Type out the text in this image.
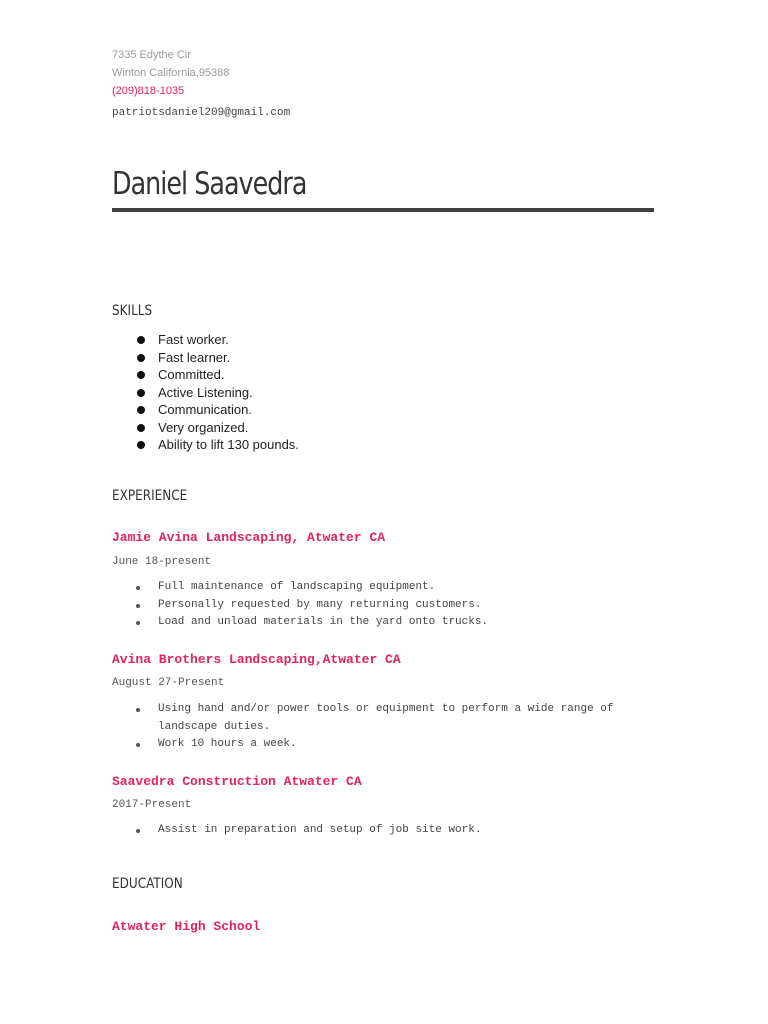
7335 Edythe Cir
Winton California,95388
(209)818-1035
patriotsdaniel209@gmail.com
Daniel Saavedra
SKILLS
Fast worker.
Fast learner.
Committed.
Active Listening.
Communication.
Very organized.
Ability to lift 130 pounds.
EXPERIENCE
Jamie Avina Landscaping, Atwater CA
June 18-present
Full maintenance of landscaping equipment.
Personally requested by many returning customers.
Load and unload materials in the yard onto trucks.
Avina Brothers Landscaping,Atwater CA
August 27-Present
Using hand and/or power tools or equipment to perform a wide range of landscape duties.
Work 10 hours a week.
Saavedra Construction Atwater CA
2017-Present
Assist in preparation and setup of job site work.
EDUCATION
Atwater High School
